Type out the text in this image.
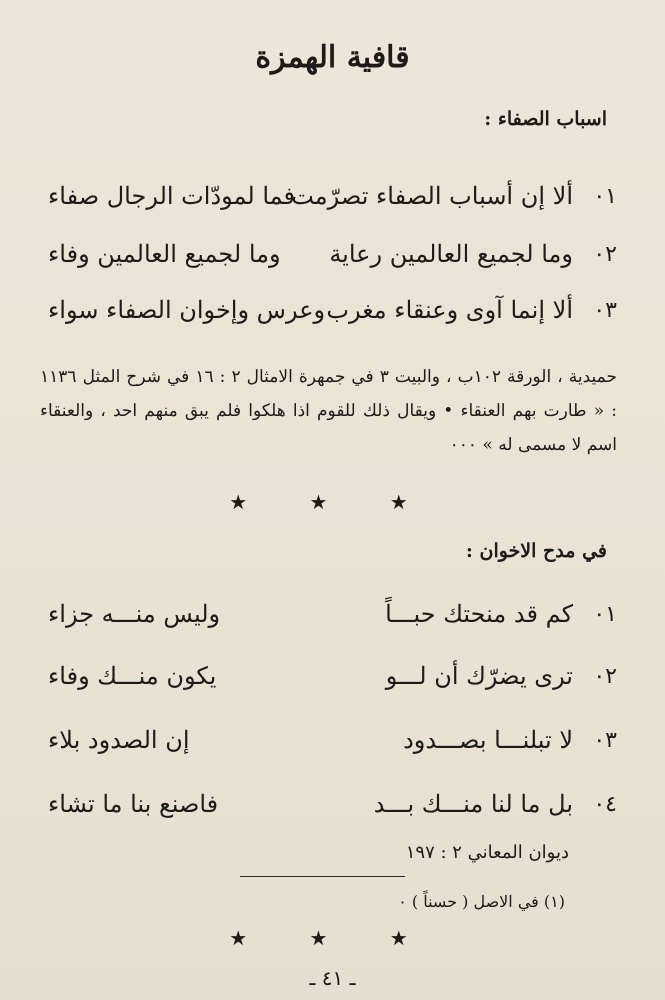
قافية الهمزة
اسباب الصفاء :
٠١
ألا إن أسباب الصفاء تصرّمت
فما لمودّات الرجال صفاء
٠٢
وما لجميع العالمين رعاية
وما لجميع العالمين وفاء
٠٣
ألا إنما آوى وعنقاء مغرب
وعرس وإخوان الصفاء سواء
حميدية ، الورقة ١٠٢ب ، والبيت ٣ في جمهرة الامثال ٢ : ١٦ في شرح المثل ١١٣٦ : « طارت بهم العنقاء • ويقال ذلك للقوم اذا هلكوا فلم يبق منهم احد ، والعنقاء اسم لا مسمى له » ٠٠٠
★ ★ ★
في مدح الاخوان :
٠١
كم قد منحتك حبـــاً
وليس منـــه جزاء
٠٢
ترى يضرّك أن لـــو
يكون منـــك وفاء
٠٣
لا تبلنـــا بصـــدود
إن الصدود بلاء
٠٤
بل ما لنا منـــك بـــد
فاصنع بنا ما تشاء
ديوان المعاني ٢ : ١٩٧
(١) في الاصل ( حسناً ) ٠
★ ★ ★
ـ ٤١ ـ
